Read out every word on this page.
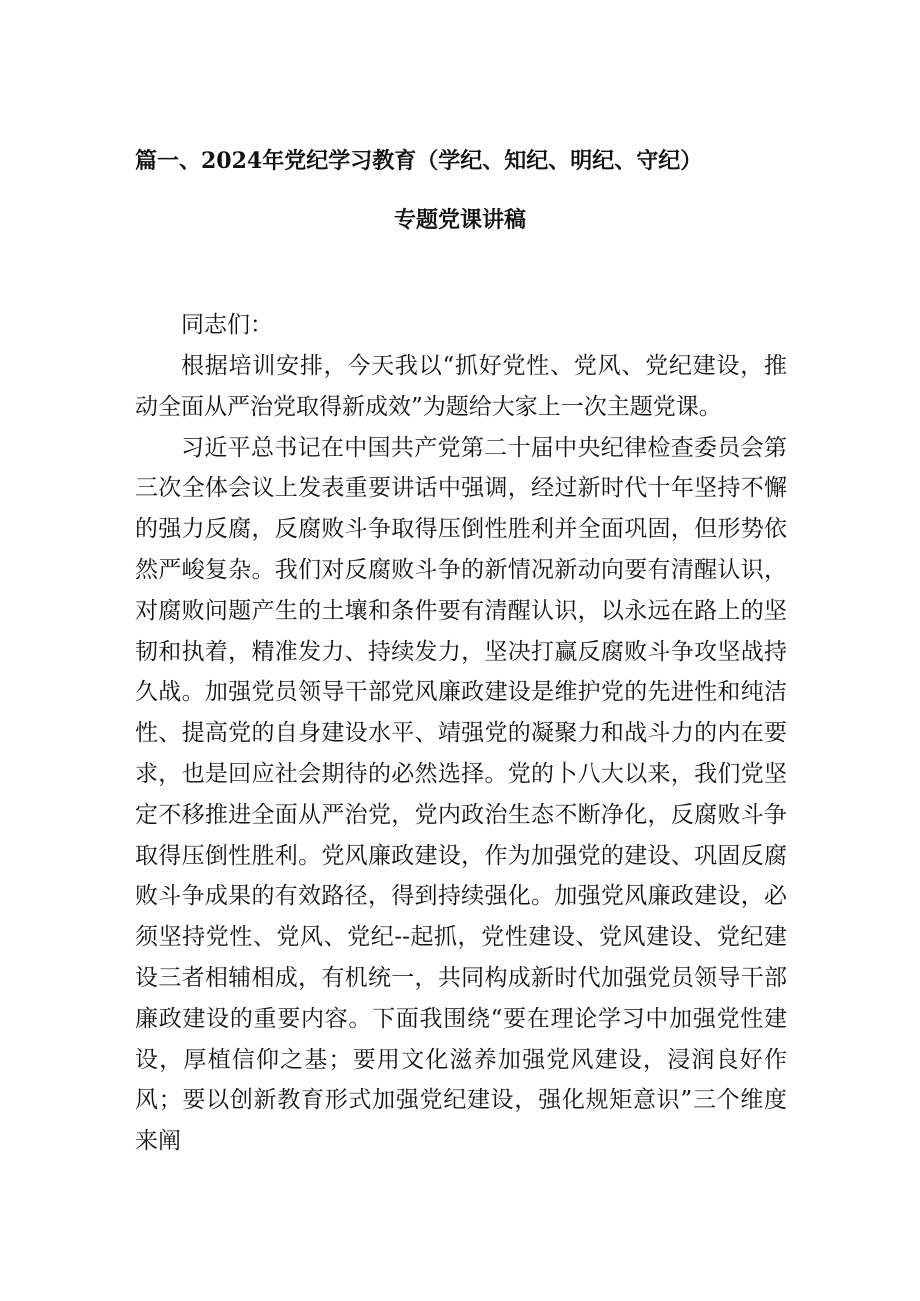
篇一、2024年党纪学习教育（学纪、知纪、明纪、守纪）
专题党课讲稿

同志们：

根据培训安排，今天我以“抓好党性、党风、党纪建设，推动全面从严治党取得新成效”为题给大家上一次主题党课。

习近平总书记在中国共产党第二十届中央纪律检查委员会第三次全体会议上发表重要讲话中强调，经过新时代十年坚持不懈的强力反腐，反腐败斗争取得压倒性胜利并全面巩固，但形势依然严峻复杂。我们对反腐败斗争的新情况新动向要有清醒认识，对腐败问题产生的土壤和条件要有清醒认识，以永远在路上的坚韧和执着，精准发力、持续发力，坚决打赢反腐败斗争攻坚战持久战。加强党员领导干部党风廉政建设是维护党的先进性和纯洁性、提高党的自身建设水平、靖强党的凝聚力和战斗力的内在要求，也是回应社会期待的必然选择。党的卜八大以来，我们党坚定不移推进全面从严治党，党内政治生态不断净化，反腐败斗争取得压倒性胜利。党风廉政建设，作为加强党的建设、巩固反腐败斗争成果的有效路径，得到持续强化。加强党风廉政建设，必须坚持党性、党风、党纪--起抓，党性建设、党风建设、党纪建设三者相辅相成，有机统一，共同构成新时代加强党员领导干部廉政建设的重要内容。下面我围绕“要在理论学习中加强党性建设，厚植信仰之基；要用文化滋养加强党风建设，浸润良好作风；要以创新教育形式加强党纪建设，强化规矩意识”三个维度来阐
